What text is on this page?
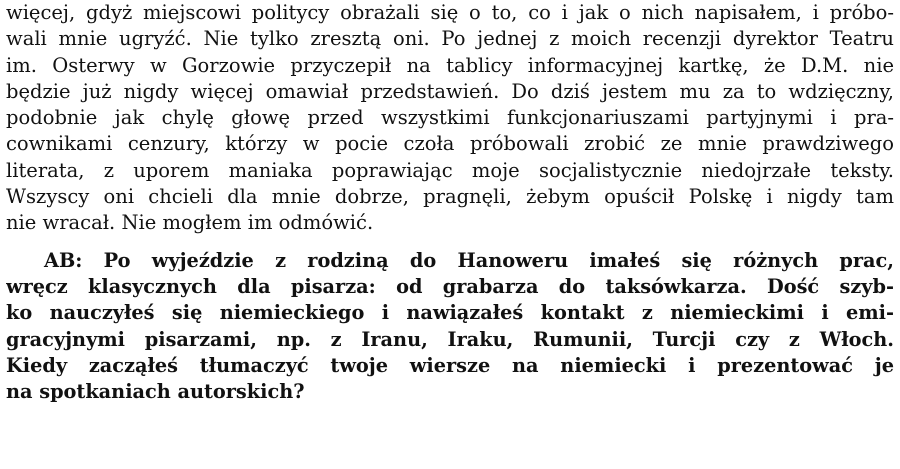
więcej, gdyż miejscowi politycy obrażali się o to, co i jak o nich napisałem, i próbo-
wali mnie ugryźć. Nie tylko zresztą oni. Po jednej z moich recenzji dyrektor Teatru
im. Osterwy w Gorzowie przyczepił na tablicy informacyjnej kartkę, że D.M. nie
będzie już nigdy więcej omawiał przedstawień. Do dziś jestem mu za to wdzięczny,
podobnie jak chylę głowę przed wszystkimi funkcjonariuszami partyjnymi i pra-
cownikami cenzury, którzy w pocie czoła próbowali zrobić ze mnie prawdziwego
literata, z uporem maniaka poprawiając moje socjalistycznie niedojrzałe teksty.
Wszyscy oni chcieli dla mnie dobrze, pragnęli, żebym opuścił Polskę i nigdy tam
nie wracał. Nie mogłem im odmówić.
AB: Po wyjeździe z rodziną do Hanoweru imałeś się różnych prac,
wręcz klasycznych dla pisarza: od grabarza do taksówkarza. Dość szyb-
ko nauczyłeś się niemieckiego i nawiązałeś kontakt z niemieckimi i emi-
gracyjnymi pisarzami, np. z Iranu, Iraku, Rumunii, Turcji czy z Włoch.
Kiedy zacząłeś tłumaczyć twoje wiersze na niemiecki i prezentować je
na spotkaniach autorskich?
